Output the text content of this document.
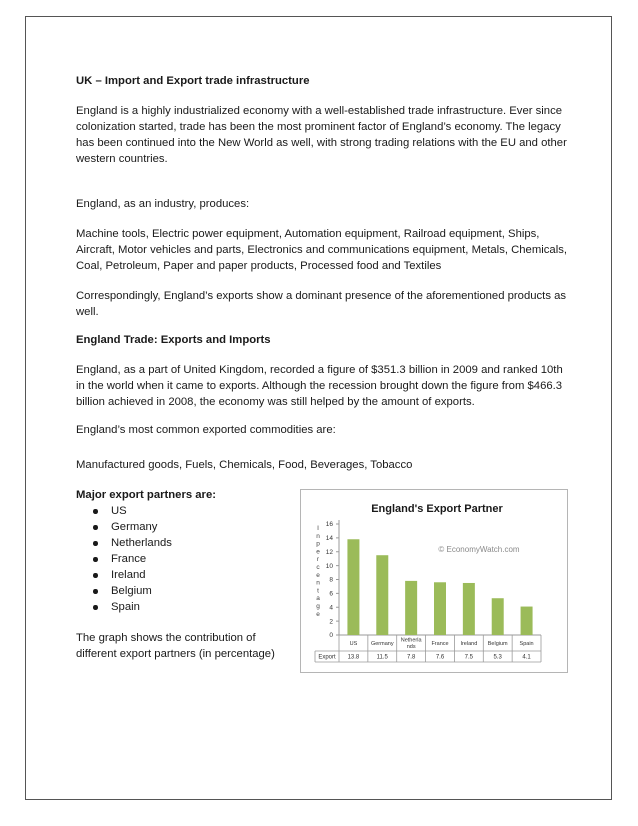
UK – Import and Export trade infrastructure

England is a highly industrialized economy with a well-established trade infrastructure. Ever since colonization started, trade has been the most prominent factor of England’s economy. The legacy has been continued into the New World as well, with strong trading relations with the EU and other western countries.

England, as an industry, produces:

Machine tools, Electric power equipment, Automation equipment, Railroad equipment, Ships, Aircraft, Motor vehicles and parts, Electronics and communications equipment, Metals, Chemicals, Coal, Petroleum, Paper and paper products, Processed food and Textiles

Correspondingly, England’s exports show a dominant presence of the aforementioned products as well.

England Trade: Exports and Imports

England, as a part of United Kingdom, recorded a figure of $351.3 billion in 2009 and ranked 10th in the world when it came to exports. Although the recession brought down the figure from $466.3 billion achieved in 2008, the economy was still helped by the amount of exports.

England’s most common exported commodities are:

Manufactured goods, Fuels, Chemicals, Food, Beverages, Tobacco

Major export partners are:

US
Germany
Netherlands
France
Ireland
Belgium
Spain

The graph shows the contribution of different export partners (in percentage)

England's Export Partner
© EconomyWatch.com
I
n
p
e
r
c
e
n
t
a
g
e
0
2
4
6
8
10
12
14
16
Export
US
13.8
Germany
11.5
Netherla
nds
7.8
France
7.6
Ireland
7.5
Belgium
5.3
Spain
4.1
